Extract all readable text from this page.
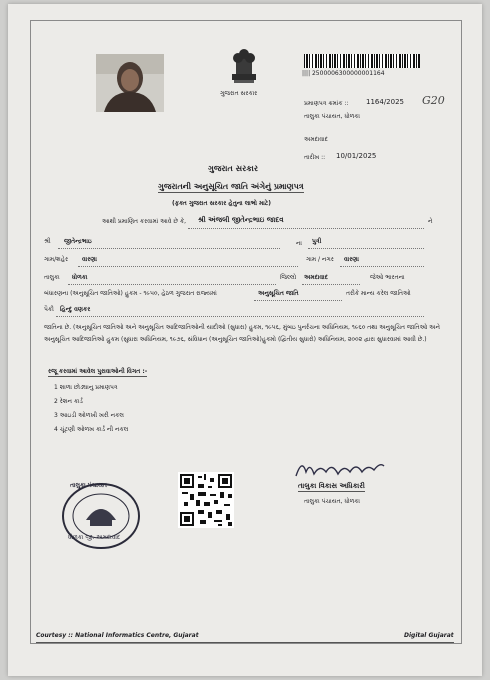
ગુજરાત સરકાર
|||| 2500006300000001164
પ્રમાણપત્ર ક્રમાંક ::	1164/2025 G20
તાલુકા પંચાયત, ધોળકા
અમદાવાદ
તારીખ :: 10/01/2025
ગુજરાત સરકાર
ગુજરાતની અનુસૂચિત જાતિ અંગેનું પ્રમાણપત્ર
(ફક્ત ગુજરાત સરકાર હેતુના લાભો માટે)
આથી પ્રમાણિત કરવામાં આવે છે કે, શ્રી અંજલી જીતેન્દ્રભાઇ જાદવ	ને
શ્રી જીતેન્દ્રભાઇ	ના પુત્રી
ગામ/શહેર વારણા	ગામ / નગર વારણા
તાલુકા ધોળકા	જિલ્લો અમદાવાદ	જેઓ ભારતના
બંધારણના (અનુસૂચિત જાતિઓ) હુકમ - ૧૯૫૦, હેઠળ ગુજરાત રાજ્યમાં	અનુસૂચિત જાતિ	તરીકે માન્ય કરેલ જાતિઓ
પૈકી હિન્દુ વણકર
જાતિના છે. (અનુસૂચિત જાતિઓ અને અનુસૂચિત આદિજાતિઓની યાદીઓ (સુધારા) હુકમ, ૧૯૫૬, મુંબઇ પુનર્રચના અધિનિયમ, ૧૯૬૦ તથા અનુસૂચિત જાતિઓ અને અનુસૂચિત આદિજાતિઓ હુકમ (સુધારા અધિનિયમ, ૧૯૭૬, સંવિધાન (અનુસૂચિત જાતિઓ)હુકમો (દ્વિતીય સુધારો) અધિનિયમ, ૨૦૦૨ દ્વારા સુધારવામાં આવી છે.)
રજૂ કરવામાં આવેલ પુરાવાઓની વિગત :-
1 શાળા છોડ્યાનુ પ્રમાણપત્ર
2 રેશન કાર્ડ
3 આઇડી ઓળખી ખરી નકલ
4 ચૂંટણી ઓળખ કાર્ડ ની નકલ
તાલુકા પંચાયત
ધોળકા જી. અમદાવાદ
તાલુકા વિકાસ અધિકારી
તાલુકા પંચાયત, ધોળકા
Courtesy :: National Informatics Centre, Gujarat	Digital Gujarat
